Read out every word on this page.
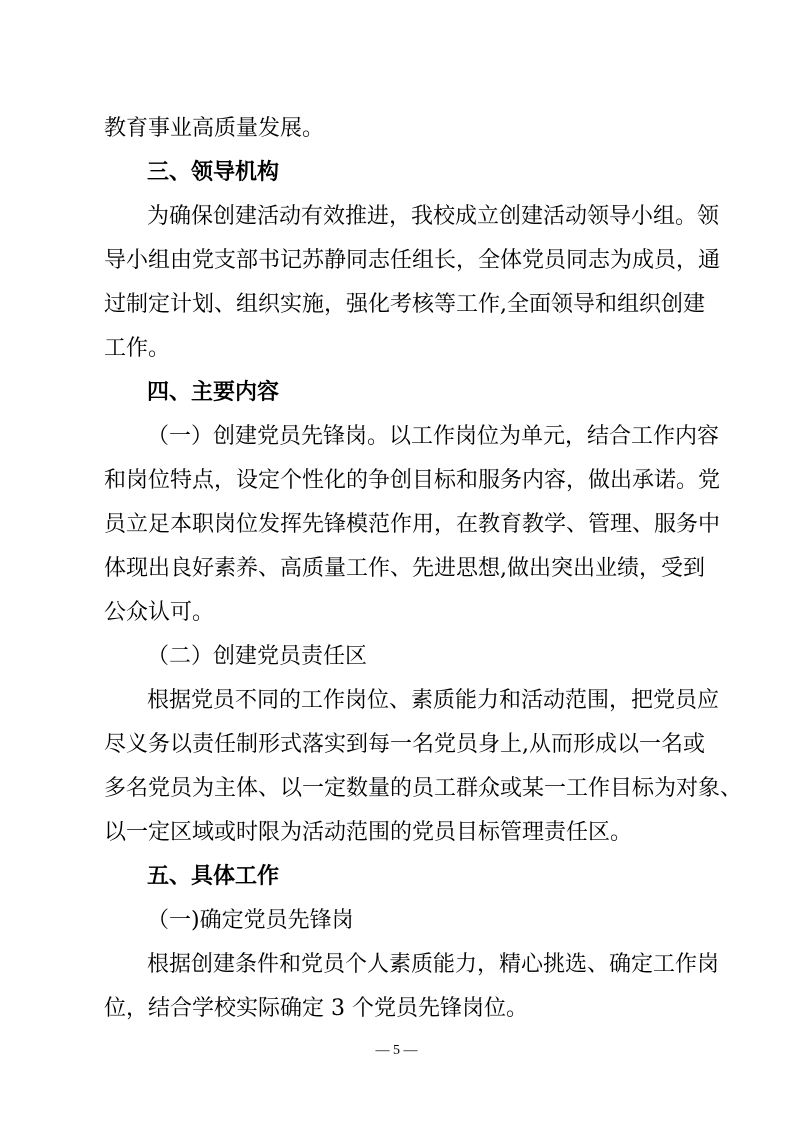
教育事业高质量发展。
三、领导机构
为确保创建活动有效推进，我校成立创建活动领导小组。领
导小组由党支部书记苏静同志任组长，全体党员同志为成员，通
过制定计划、组织实施，强化考核等工作,全面领导和组织创建
工作。
四、主要内容
（一）创建党员先锋岗。以工作岗位为单元，结合工作内容
和岗位特点，设定个性化的争创目标和服务内容，做出承诺。党
员立足本职岗位发挥先锋模范作用，在教育教学、管理、服务中
体现出良好素养、高质量工作、先进思想,做出突出业绩，受到
公众认可。
（二）创建党员责任区
根据党员不同的工作岗位、素质能力和活动范围，把党员应
尽义务以责任制形式落实到每一名党员身上,从而形成以一名或
多名党员为主体、以一定数量的员工群众或某一工作目标为对象、
以一定区域或时限为活动范围的党员目标管理责任区。
五、具体工作
（一)确定党员先锋岗
根据创建条件和党员个人素质能力，精心挑选、确定工作岗
位，结合学校实际确定 3 个党员先锋岗位。
— 5 —
